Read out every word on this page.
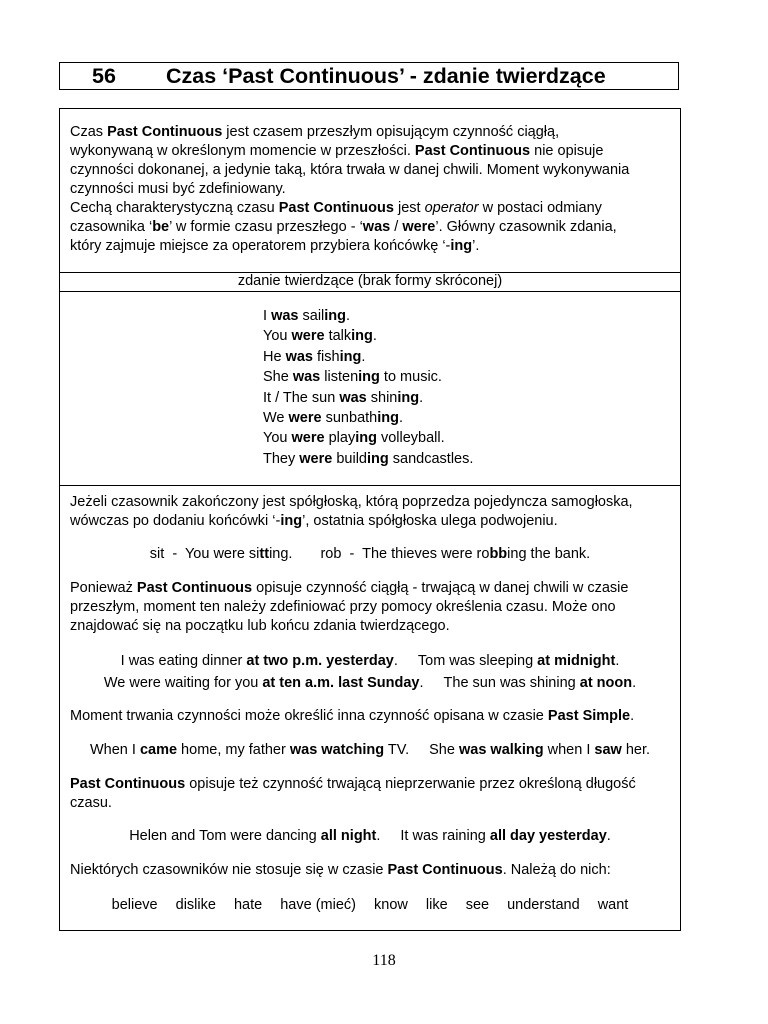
56 Czas ‘Past Continuous’ - zdanie twierdzące

Czas Past Continuous jest czasem przeszłym opisującym czynność ciągłą,

wykonywaną w określonym momencie w przeszłości. Past Continuous nie opisuje

czynności dokonanej, a jedynie taką, która trwała w danej chwili. Moment wykonywania

czynności musi być zdefiniowany.

Cechą charakterystyczną czasu Past Continuous jest operator w postaci odmiany

czasownika ‘be’ w formie czasu przeszłego - ‘was / were’. Główny czasownik zdania,

który zajmuje miejsce za operatorem przybiera końcówkę ‘-ing’.

zdanie twierdzące (brak formy skróconej)
I was sailing.
You were talking.
He was fishing.
She was listening to music.
It / The sun was shining.
We were sunbathing.
You were playing volleyball.
They were building sandcastles.

Jeżeli czasownik zakończony jest spółgłoską, którą poprzedza pojedyncza samogłoska,
wówczas po dodaniu końcówki ‘-ing’, ostatnia spółgłoska ulega podwojeniu.

sit  -  You were sitting. rob  -  The thieves were robbing the bank.

Ponieważ Past Continuous opisuje czynność ciągłą - trwającą w danej chwili w czasie
przeszłym, moment ten należy zdefiniować przy pomocy określenia czasu. Może ono
znajdować się na początku lub końcu zdania twierdzącego.

I was eating dinner at two p.m. yesterday. Tom was sleeping at midnight.
We were waiting for you at ten a.m. last Sunday. The sun was shining at noon.

Moment trwania czynności może określić inna czynność opisana w czasie Past Simple.

When I came home, my father was watching TV. She was walking when I saw her.

Past Continuous opisuje też czynność trwającą nieprzerwanie przez określoną długość
czasu.

Helen and Tom were dancing all night. It was raining all day yesterday.

Niektórych czasowników nie stosuje się w czasie Past Continuous. Należą do nich:

believe dislike hate have (mieć) know like see understand want

118
